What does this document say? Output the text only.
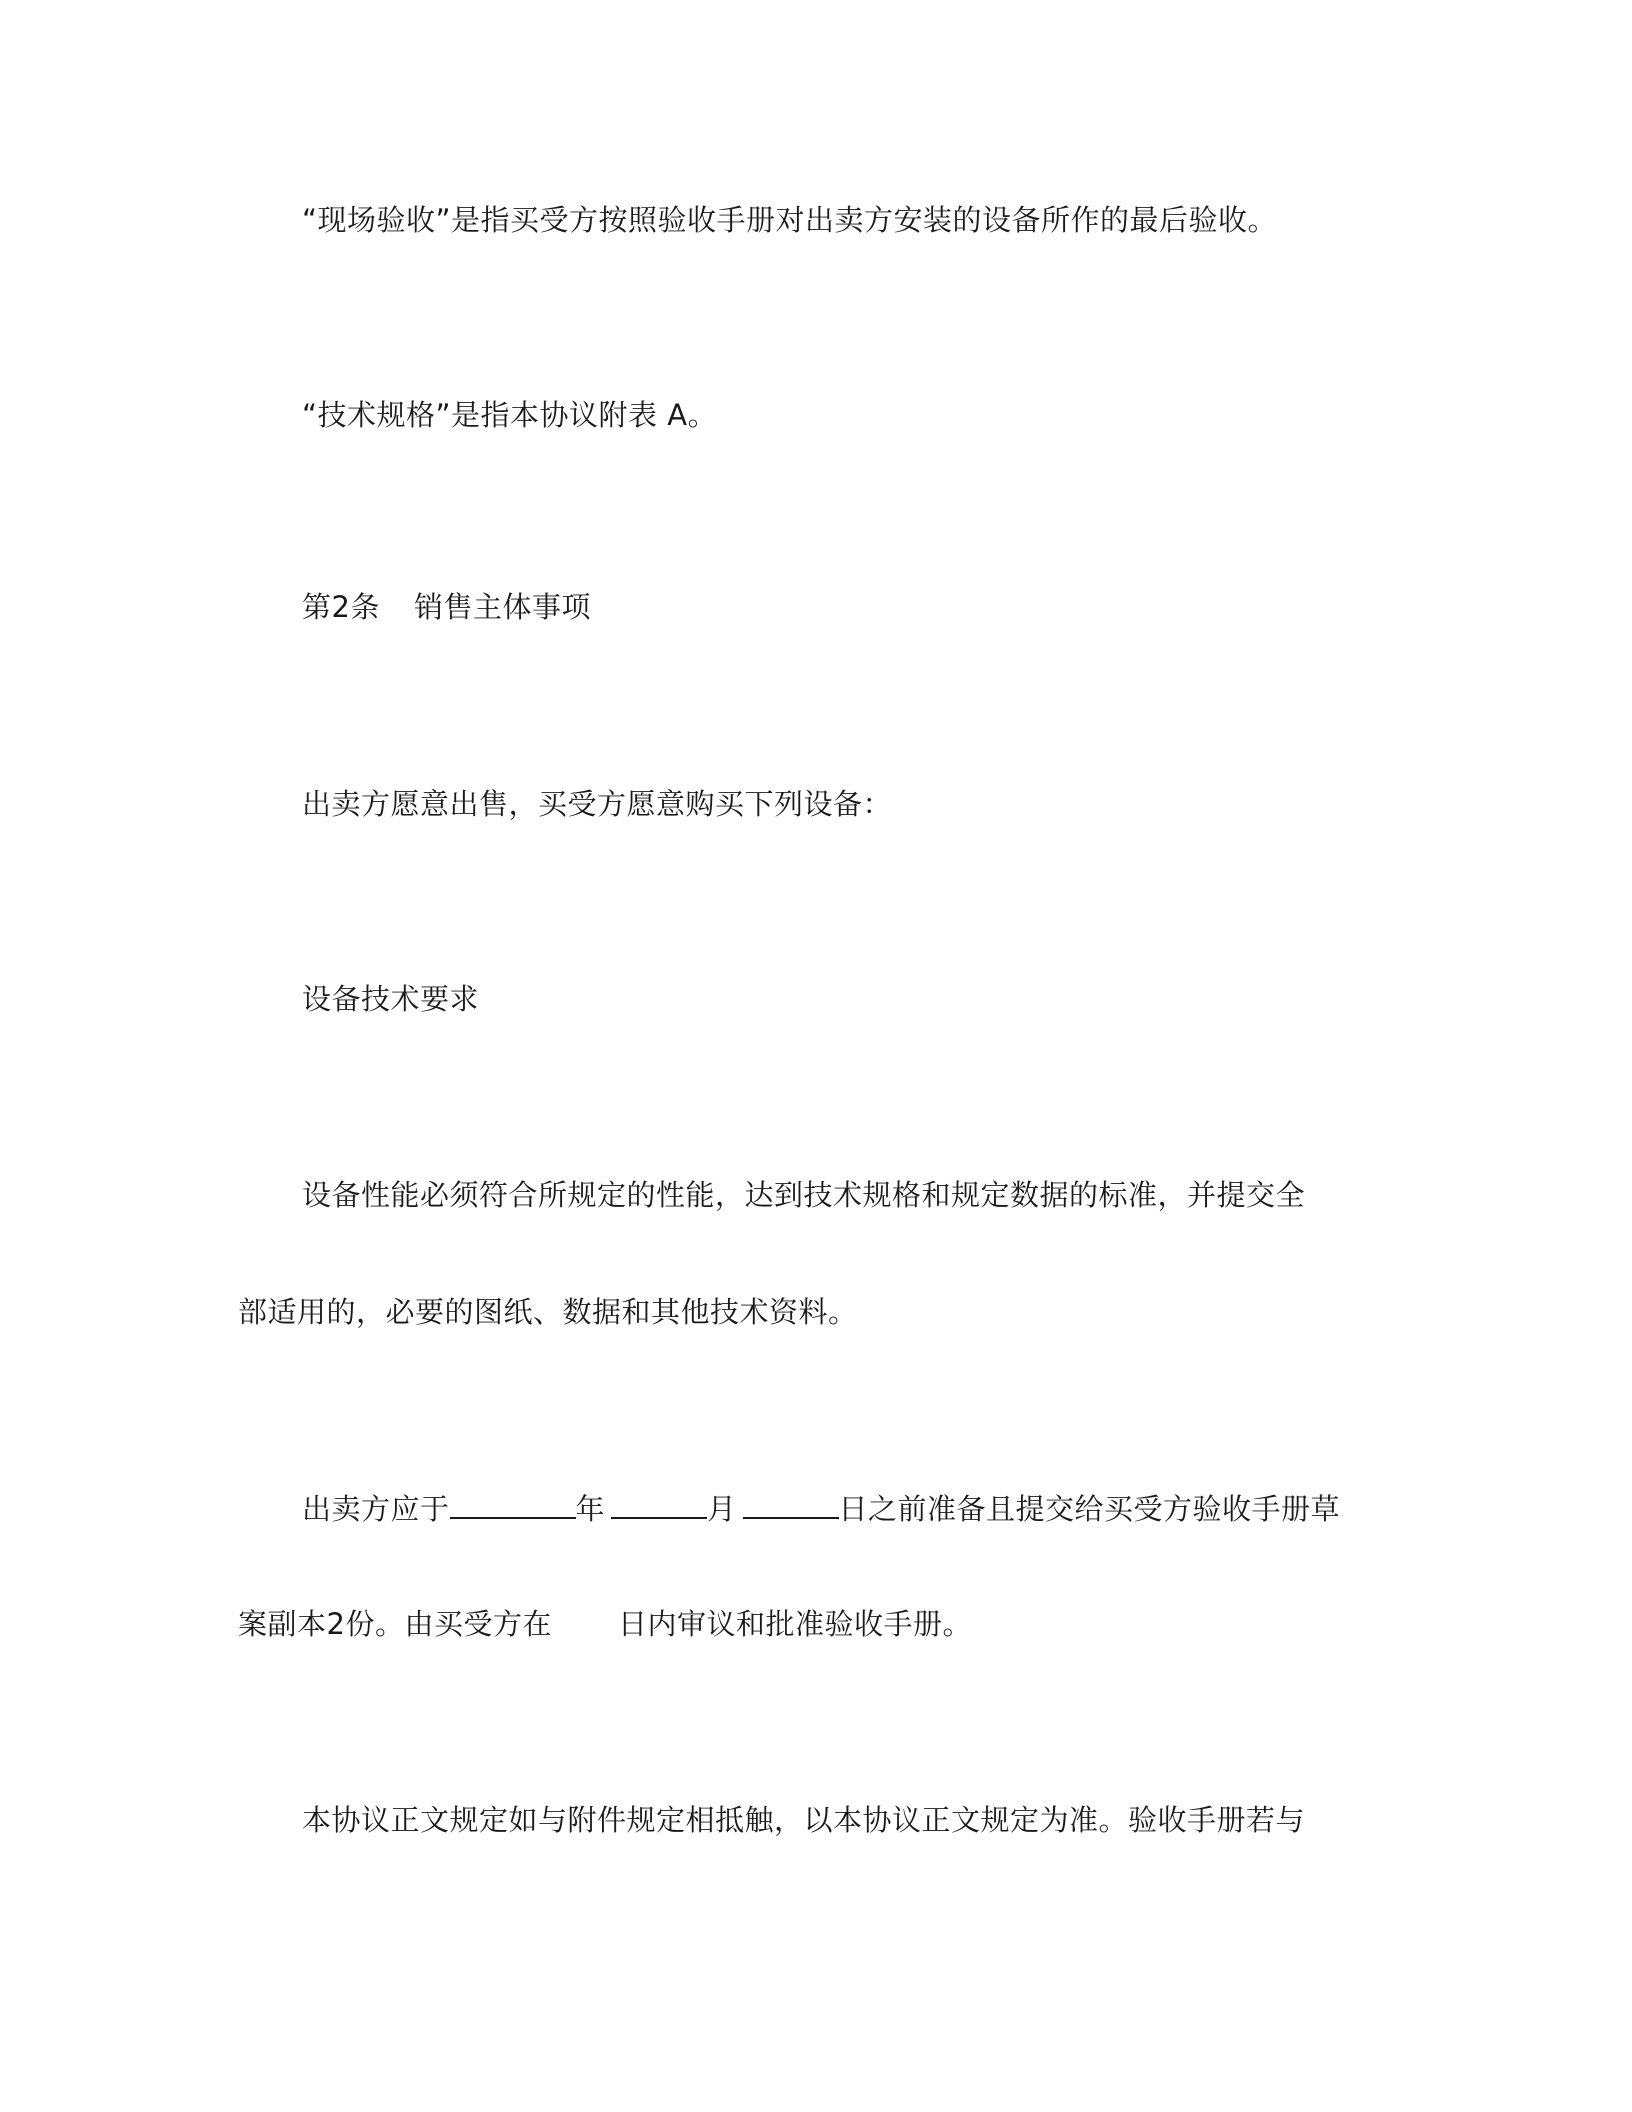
“现场验收”是指买受方按照验收手册对出卖方安装的设备所作的最后验收。
“技术规格”是指本协议附表 A。
第2条 销售主体事项
出卖方愿意出售，买受方愿意购买下列设备：
设备技术要求
设备性能必须符合所规定的性能，达到技术规格和规定数据的标准，并提交全
部适用的，必要的图纸、数据和其他技术资料。
出卖方应于	年	月	日之前准备且提交给买受方验收手册草
案副本2份。由买受方在 日内审议和批准验收手册。
本协议正文规定如与附件规定相抵触，以本协议正文规定为准。验收手册若与
